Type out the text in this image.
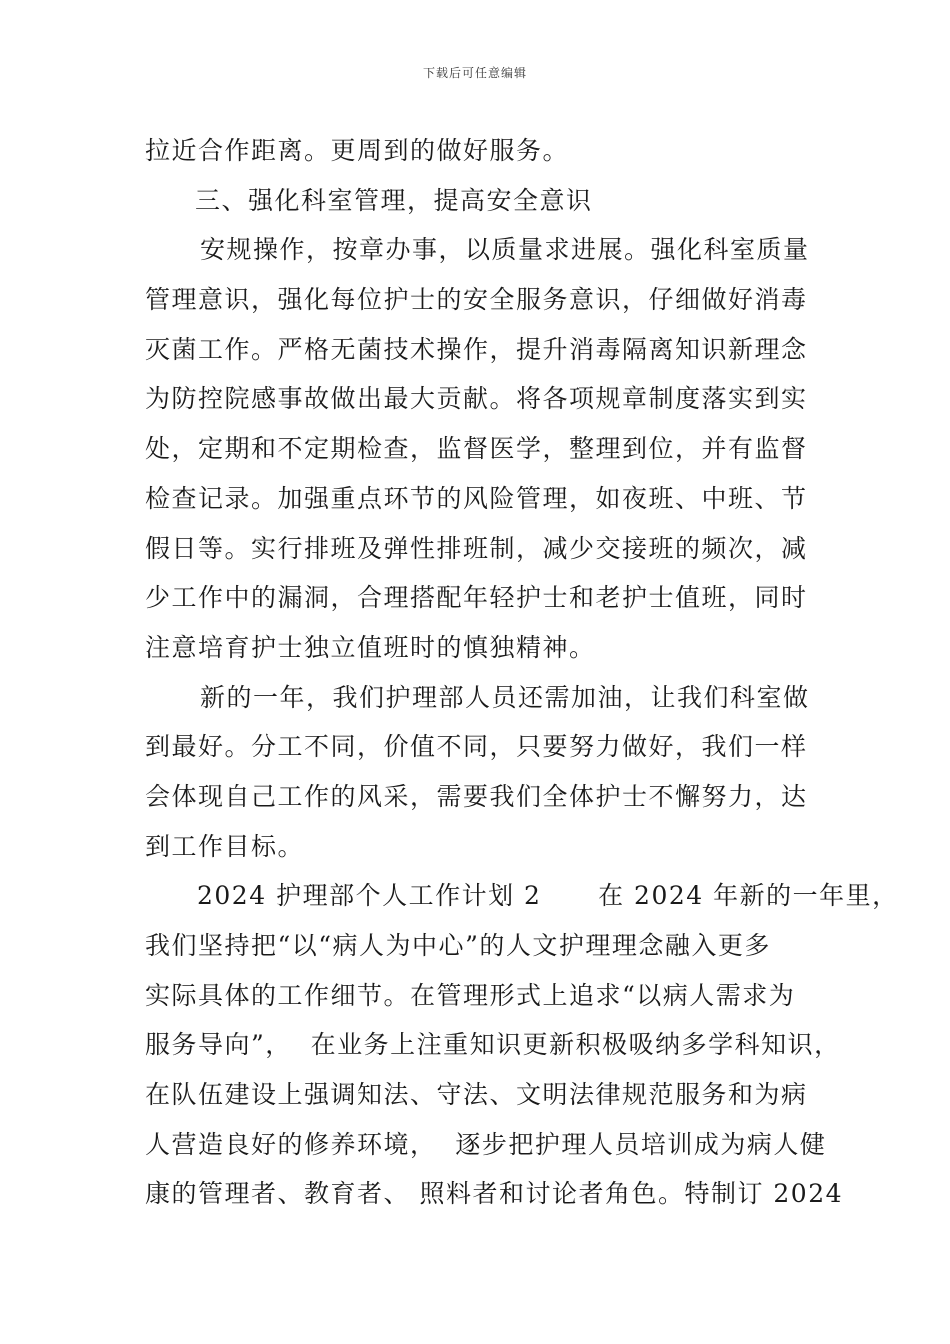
下载后可任意编辑
拉近合作距离。更周到的做好服务。
三、强化科室管理，提高安全意识
安规操作，按章办事，以质量求进展。强化科室质量
管理意识，强化每位护士的安全服务意识，仔细做好消毒
灭菌工作。严格无菌技术操作，提升消毒隔离知识新理念
为防控院感事故做出最大贡献。将各项规章制度落实到实
处，定期和不定期检查，监督医学，整理到位，并有监督
检查记录。加强重点环节的风险管理，如夜班、中班、节
假日等。实行排班及弹性排班制，减少交接班的频次，减
少工作中的漏洞，合理搭配年轻护士和老护士值班，同时
注意培育护士独立值班时的慎独精神。
新的一年，我们护理部人员还需加油，让我们科室做
到最好。分工不同，价值不同，只要努力做好，我们一样
会体现自己工作的风采，需要我们全体护士不懈努力，达
到工作目标。
2024 护理部个人工作计划 2      在 2024 年新的一年里，
我们坚持把“以“病人为中心”的人文护理理念融入更多
实际具体的工作细节。在管理形式上追求“以病人需求为
服务导向”，  在业务上注重知识更新积极吸纳多学科知识，
在队伍建设上强调知法、守法、文明法律规范服务和为病
人营造良好的修养环境，  逐步把护理人员培训成为病人健
康的管理者、教育者、 照料者和讨论者角色。特制订 2024
